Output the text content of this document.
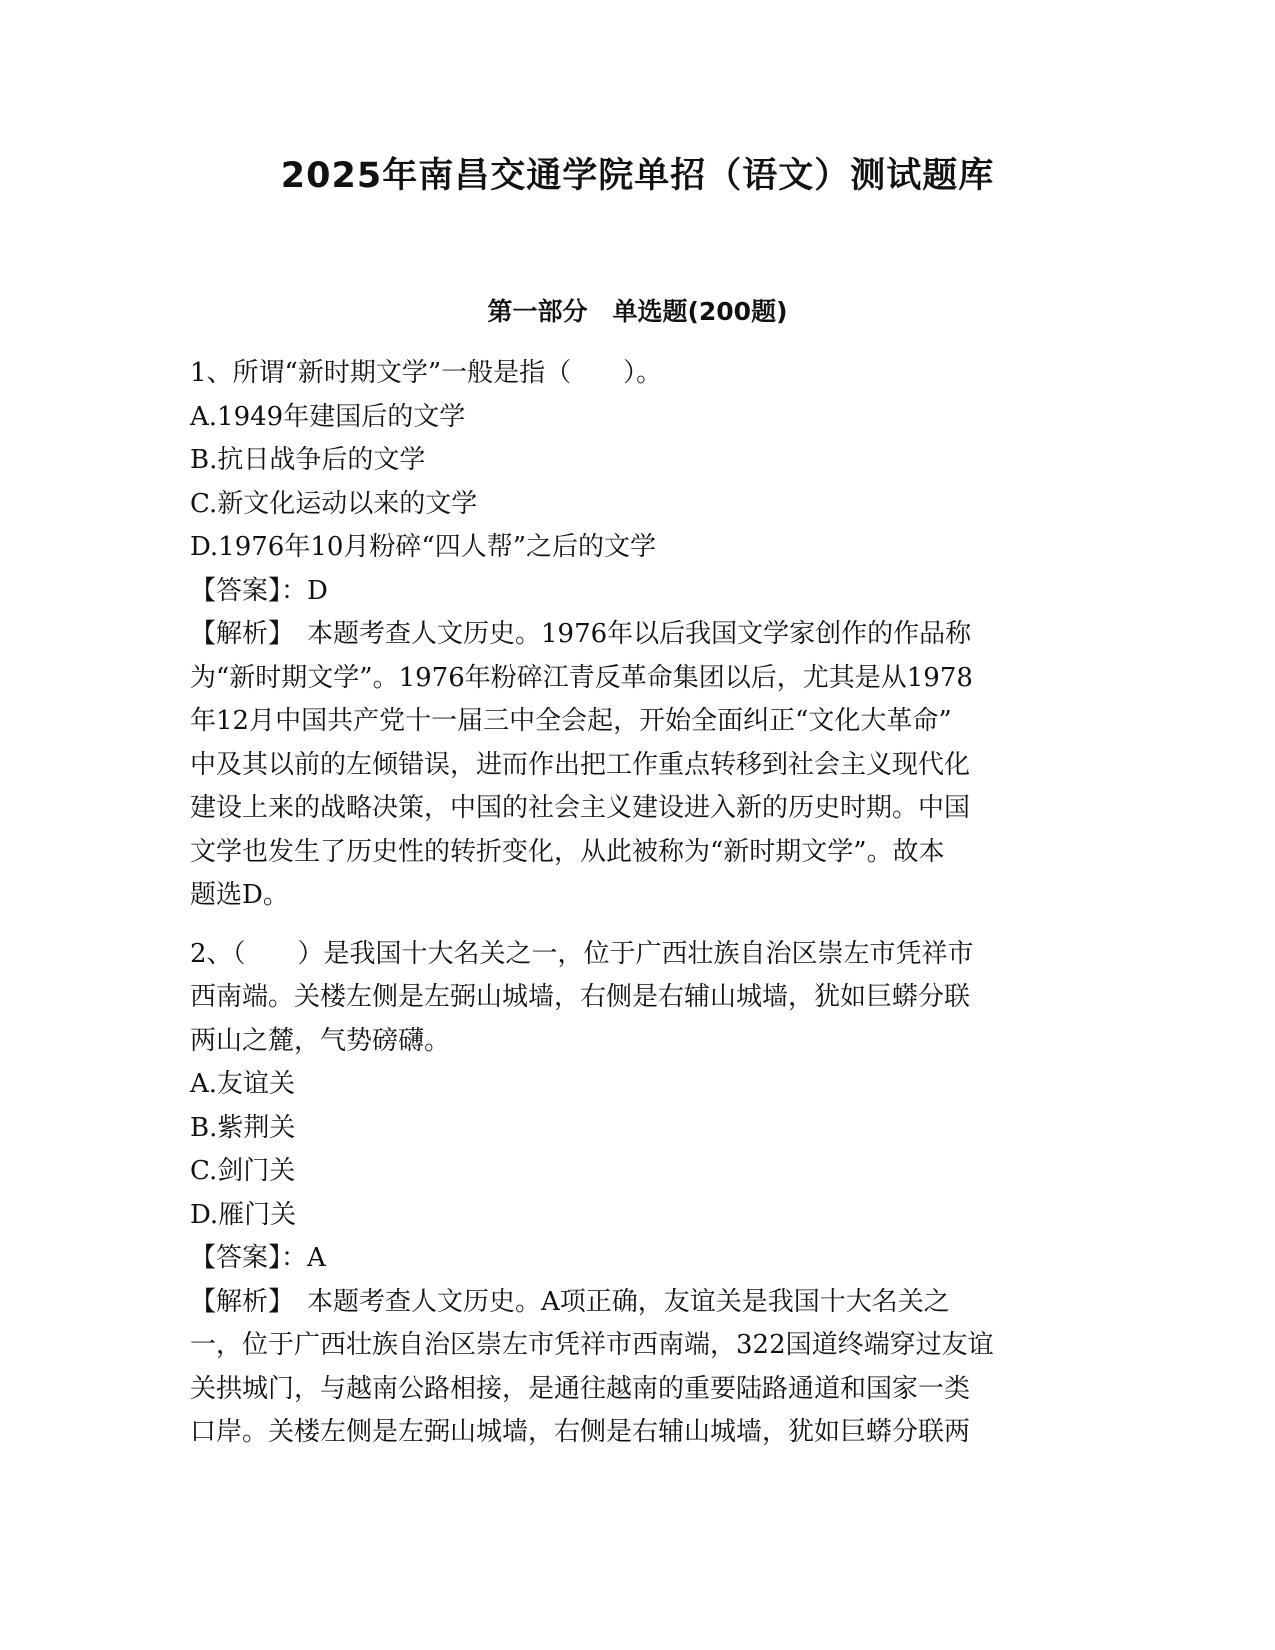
2025年南昌交通学院单招（语文）测试题库
第一部分　单选题(200题)
1、所谓“新时期文学”一般是指（　　）。
A.1949年建国后的文学
B.抗日战争后的文学
C.新文化运动以来的文学
D.1976年10月粉碎“四人帮”之后的文学
【答案】：D
【解析】　本题考查人文历史。1976年以后我国文学家创作的作品称
为“新时期文学”。1976年粉碎江青反革命集团以后，尤其是从1978
年12月中国共产党十一届三中全会起，开始全面纠正“文化大革命”
中及其以前的左倾错误，进而作出把工作重点转移到社会主义现代化
建设上来的战略决策，中国的社会主义建设进入新的历史时期。中国
文学也发生了历史性的转折变化，从此被称为“新时期文学”。故本
题选D。
2、（　　）是我国十大名关之一，位于广西壮族自治区崇左市凭祥市
西南端。关楼左侧是左弼山城墙，右侧是右辅山城墙，犹如巨蟒分联
两山之麓，气势磅礴。
A.友谊关
B.紫荆关
C.剑门关
D.雁门关
【答案】：A
【解析】　本题考查人文历史。A项正确，友谊关是我国十大名关之
一，位于广西壮族自治区崇左市凭祥市西南端，322国道终端穿过友谊
关拱城门，与越南公路相接，是通往越南的重要陆路通道和国家一类
口岸。关楼左侧是左弼山城墙，右侧是右辅山城墙，犹如巨蟒分联两
